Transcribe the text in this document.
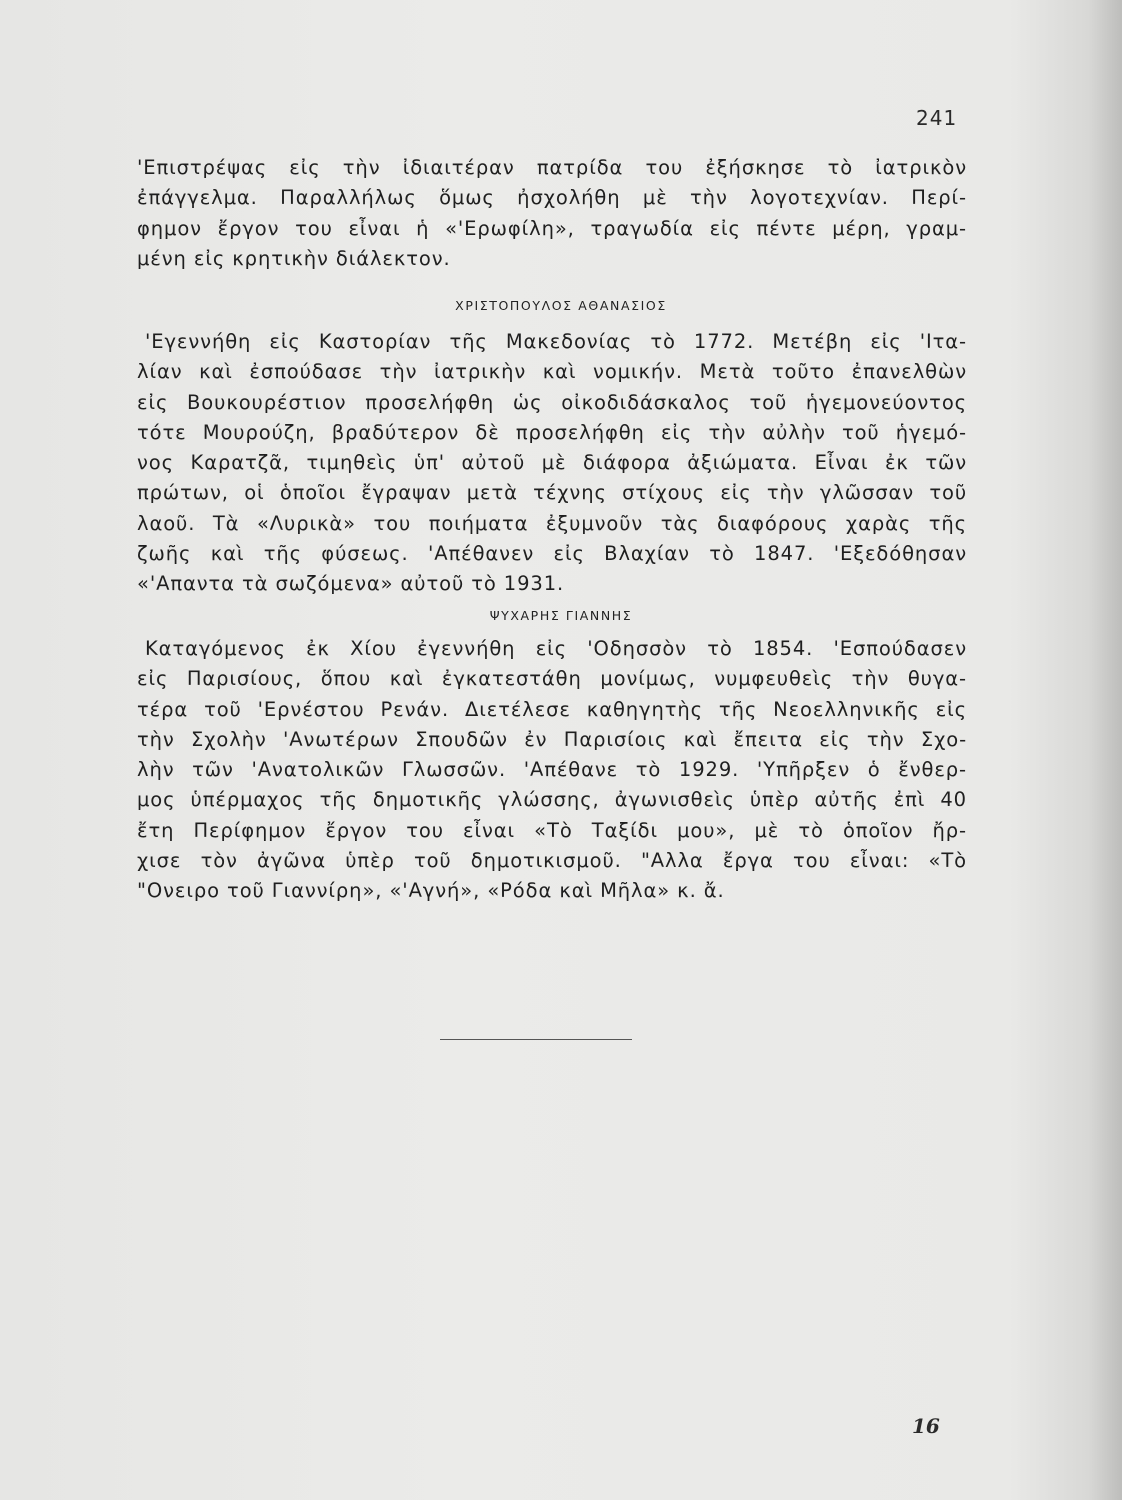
241
'Επιστρέψας εἰς τὴν ἰδιαιτέραν πατρίδα του ἐξήσκησε τὸ ἰατρικὸν
ἐπάγγελμα. Παραλλήλως ὅμως ἠσχολήθη μὲ τὴν λογοτεχνίαν. Περί-
φημον ἔργον του εἶναι ἡ «'Ερωφίλη», τραγωδία εἰς πέντε μέρη, γραμ-
μένη εἰς κρητικὴν διάλεκτον.
ΧΡΙΣΤΟΠΟΥΛΟΣ ΑΘΑΝΑΣΙΟΣ
'Εγεννήθη εἰς Καστορίαν τῆς Μακεδονίας τὸ 1772. Μετέβη εἰς 'Ιτα-
λίαν καὶ ἐσπούδασε τὴν ἰατρικὴν καὶ νομικήν. Μετὰ τοῦτο ἐπανελθὼν
εἰς Βουκουρέστιον προσελήφθη ὡς οἰκοδιδάσκαλος τοῦ ἡγεμονεύοντος
τότε Μουρούζη, βραδύτερον δὲ προσελήφθη εἰς τὴν αὐλὴν τοῦ ἡγεμό-
νος Καρατζᾶ, τιμηθεὶς ὑπ' αὐτοῦ μὲ διάφορα ἀξιώματα. Εἶναι ἐκ τῶν
πρώτων, οἱ ὁποῖοι ἔγραψαν μετὰ τέχνης στίχους εἰς τὴν γλῶσσαν τοῦ
λαοῦ. Τὰ «Λυρικὰ» του ποιήματα ἐξυμνοῦν τὰς διαφόρους χαρὰς τῆς
ζωῆς καὶ τῆς φύσεως. 'Απέθανεν εἰς Βλαχίαν τὸ 1847. 'Εξεδόθησαν
«'Απαντα τὰ σωζόμενα» αὐτοῦ τὸ 1931.
ΨΥΧΑΡΗΣ ΓΙΑΝΝΗΣ
Καταγόμενος ἐκ Χίου ἐγεννήθη εἰς 'Οδησσὸν τὸ 1854. 'Εσπούδασεν
εἰς Παρισίους, ὅπου καὶ ἐγκατεστάθη μονίμως, νυμφευθεὶς τὴν θυγα-
τέρα τοῦ 'Ερνέστου Ρενάν. Διετέλεσε καθηγητὴς τῆς Νεοελληνικῆς εἰς
τὴν Σχολὴν 'Ανωτέρων Σπουδῶν ἐν Παρισίοις καὶ ἔπειτα εἰς τὴν Σχο-
λὴν τῶν 'Ανατολικῶν Γλωσσῶν. 'Απέθανε τὸ 1929. 'Υπῆρξεν ὁ ἔνθερ-
μος ὑπέρμαχος τῆς δημοτικῆς γλώσσης, ἀγωνισθεὶς ὑπὲρ αὐτῆς ἐπὶ 40
ἔτη Περίφημον ἔργον του εἶναι «Τὸ Ταξίδι μου», μὲ τὸ ὁποῖον ἤρ-
χισε τὸν ἀγῶνα ὑπὲρ τοῦ δημοτικισμοῦ. "Αλλα ἔργα του εἶναι: «Τὸ
"Ονειρο τοῦ Γιαννίρη», «'Αγνή», «Ρόδα καὶ Μῆλα» κ. ἄ.
16
